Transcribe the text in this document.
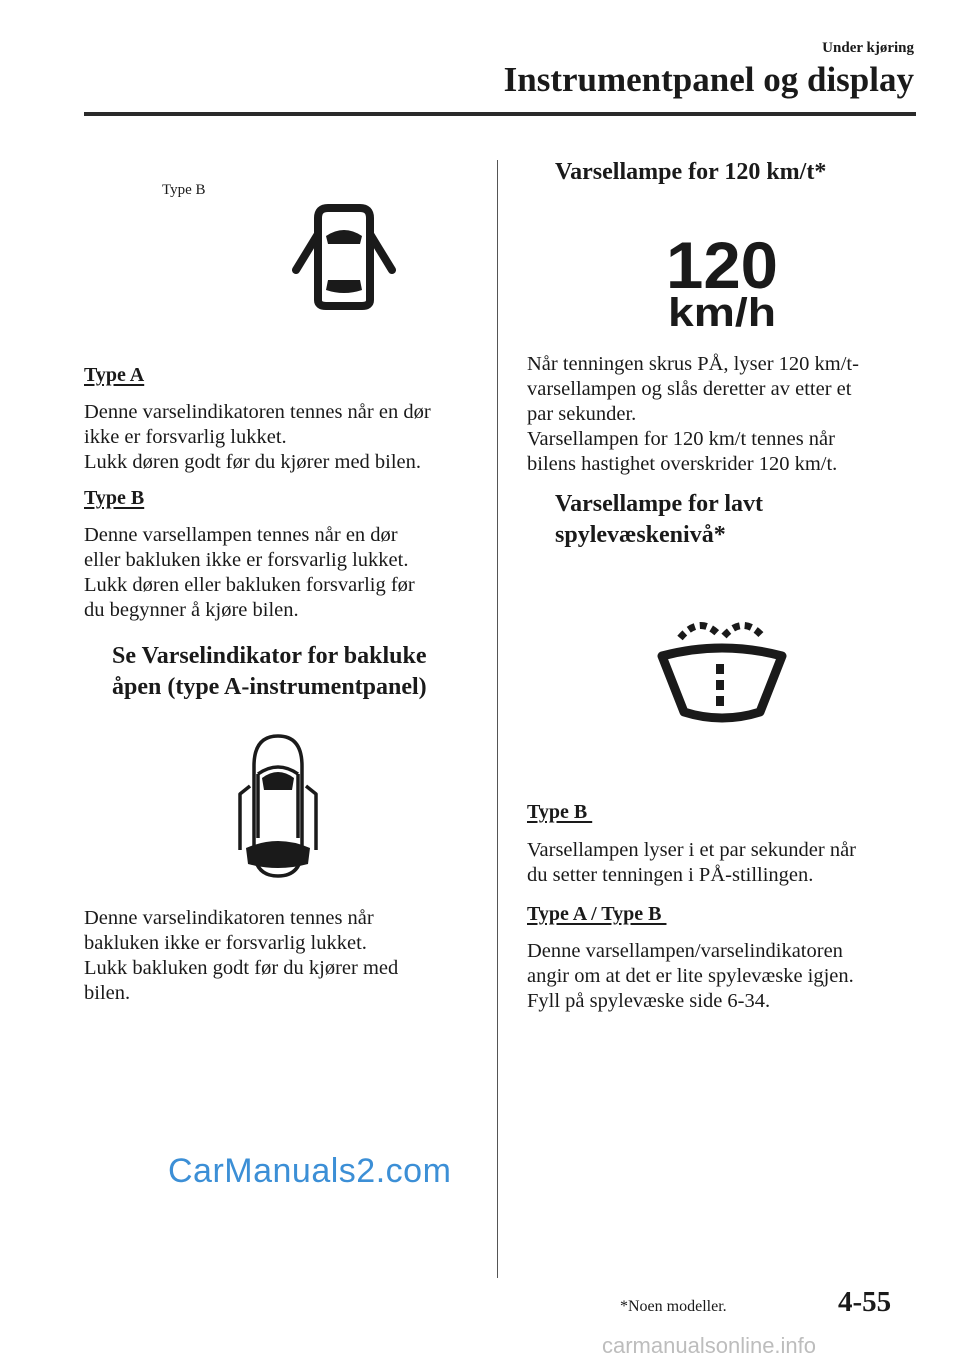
Under kjøring
Instrumentpanel og display
Type B
Type A
Denne varselindikatoren tennes når en dør
ikke er forsvarlig lukket.
Lukk døren godt før du kjører med bilen.
Type B
Denne varsellampen tennes når en dør
eller bakluken ikke er forsvarlig lukket.
Lukk døren eller bakluken forsvarlig før
du begynner å kjøre bilen.
Se Varselindikator for bakluke
åpen (type A-instrumentpanel)
Denne varselindikatoren tennes når
bakluken ikke er forsvarlig lukket.
Lukk bakluken godt før du kjører med
bilen.
CarManuals2.com
Varsellampe for 120 km/t*
120
km/h
Når tenningen skrus PÅ, lyser 120 km/t-
varsellampen og slås deretter av etter et
par sekunder.
Varsellampen for 120 km/t tennes når
bilens hastighet overskrider 120 km/t.
Varsellampe for lavt
spylevæskenivå*
Type B
Varsellampen lyser i et par sekunder når
du setter tenningen i PÅ-stillingen.
Type A / Type B
Denne varsellampen/varselindikatoren
angir om at det er lite spylevæske igjen.
Fyll på spylevæske side 6-34.
*Noen modeller.	4-55
carmanualsonline.info
